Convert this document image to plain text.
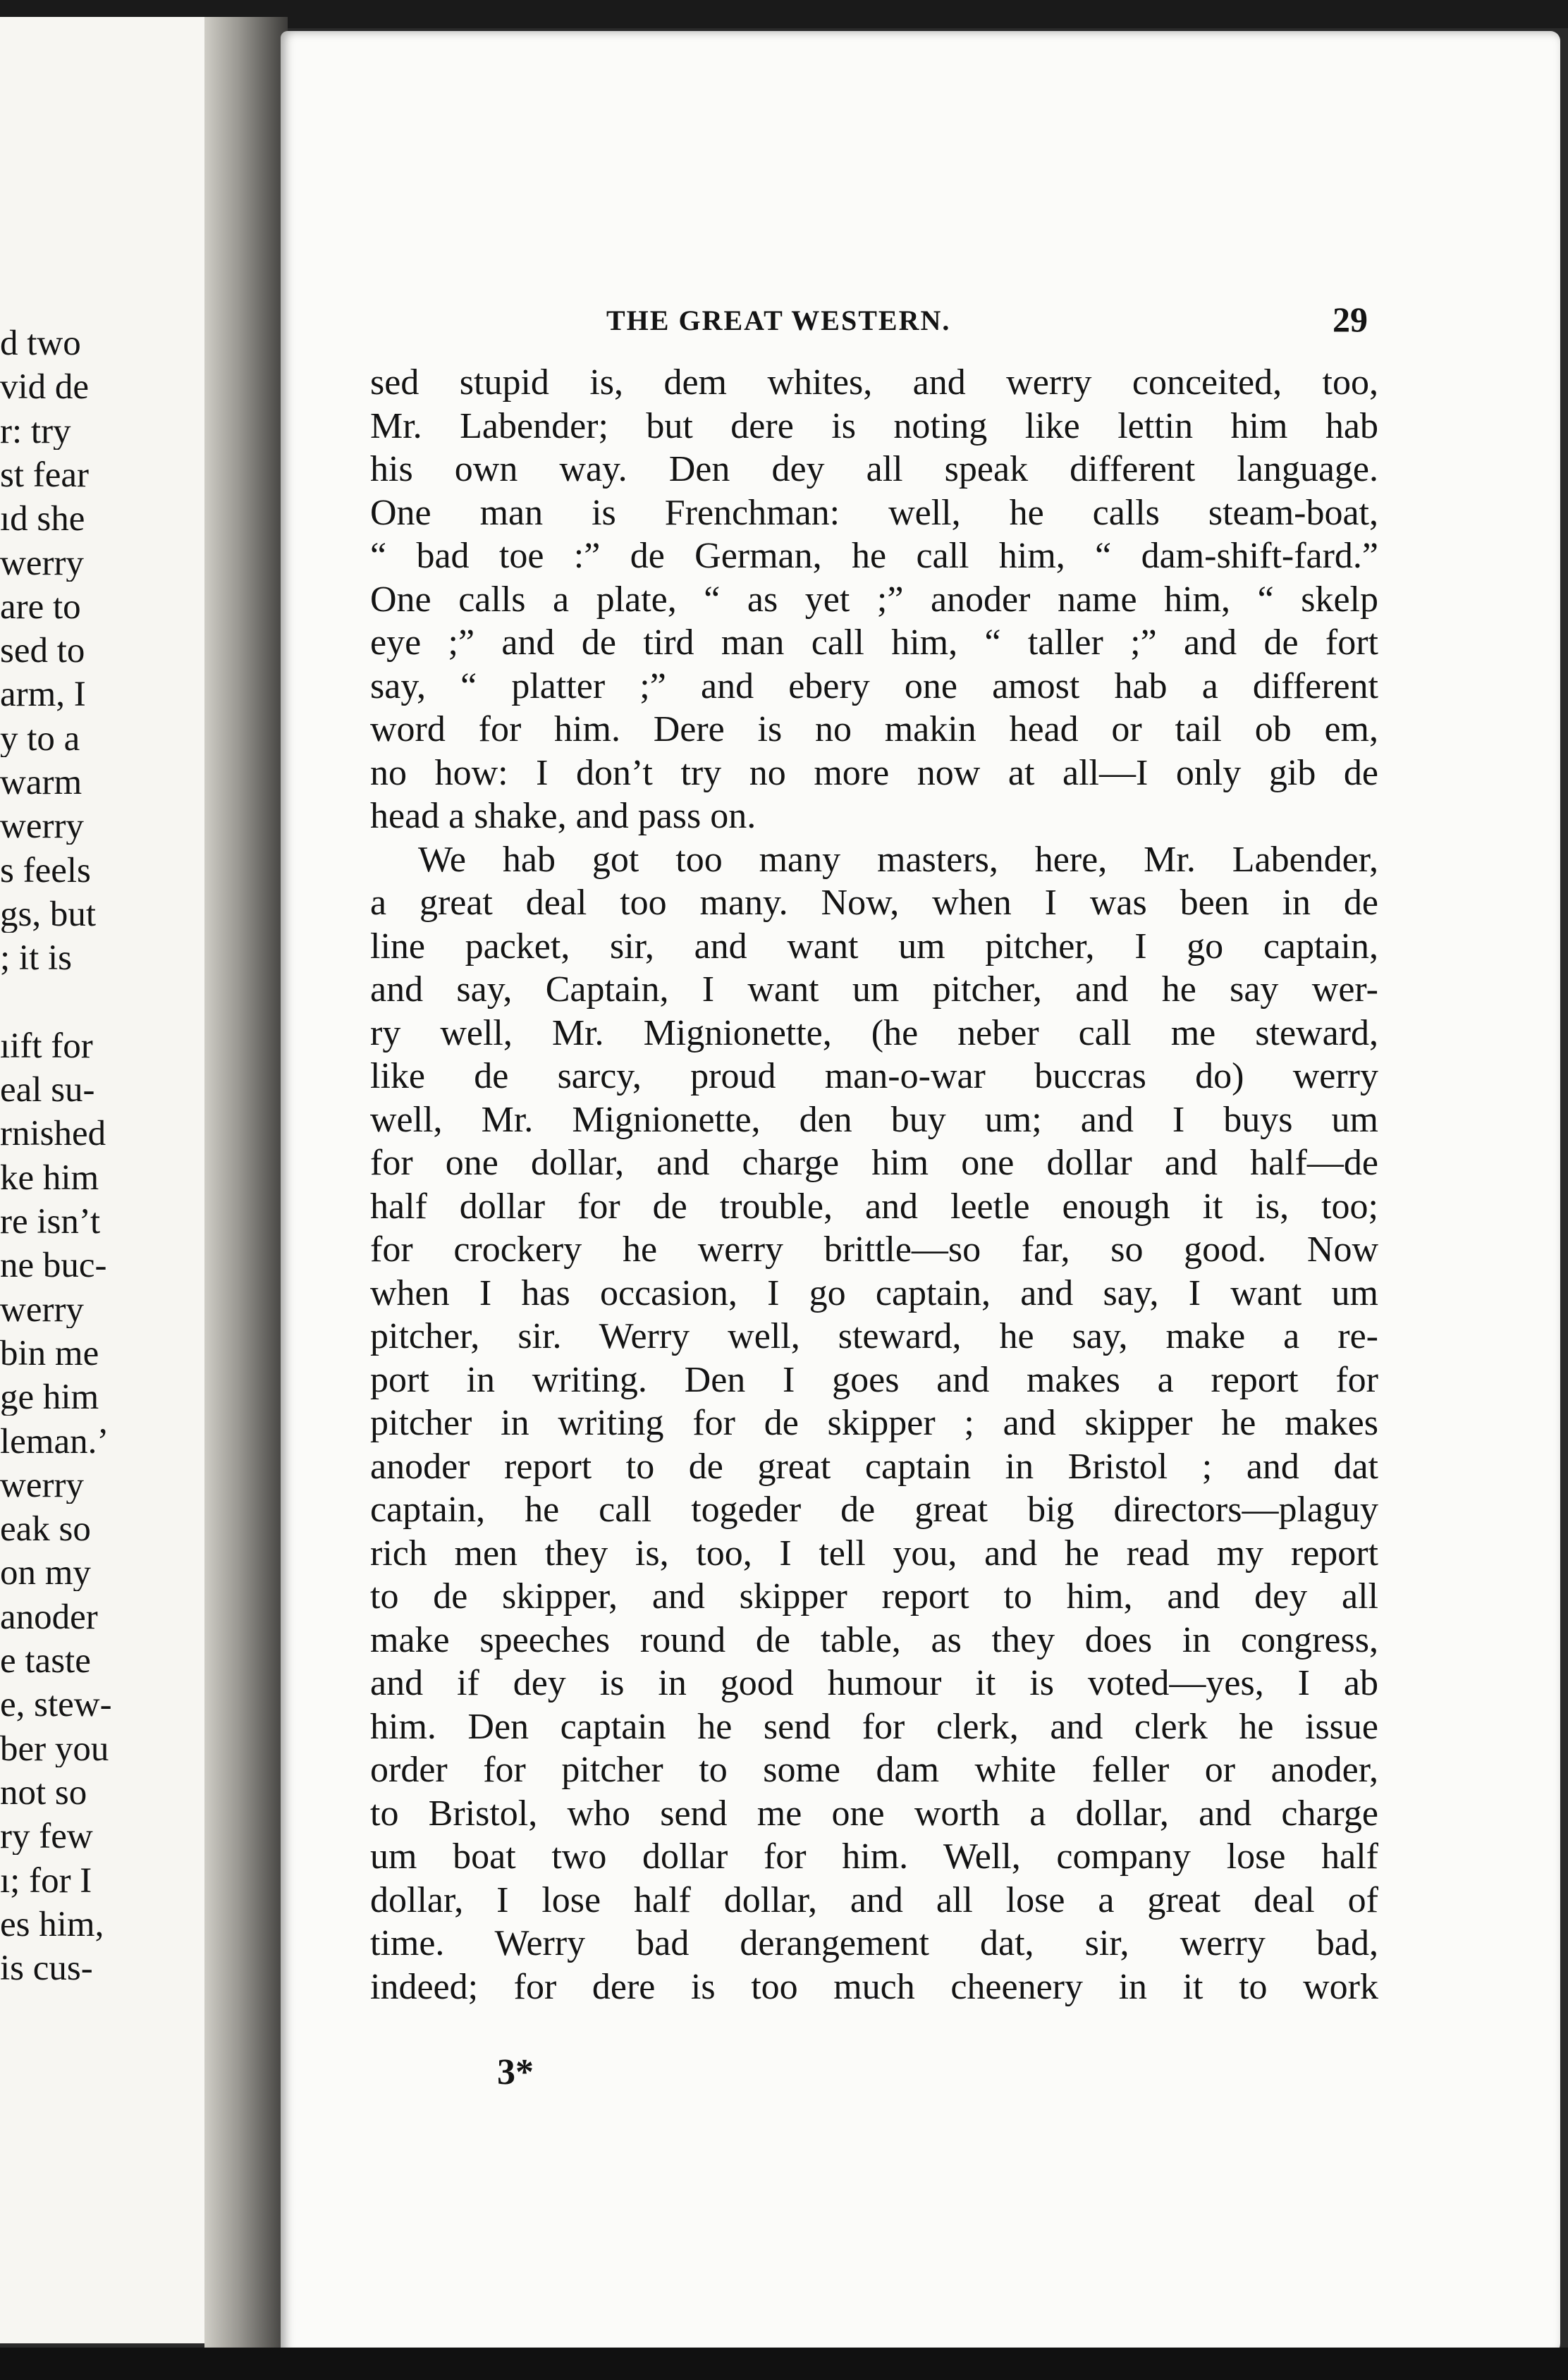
d two
vid de
r: try
st fear
ıd she
werry
are to
sed to
arm, I
y to a
warm
werry
s feels
gs, but
; it is
ıift for
eal su-
rnished
ke him
re isn’t
ne buc-
werry
bin me
ge him
leman.’
werry
eak so
on my
anoder
e taste
e, stew-
ber you
not so
ry few
ı; for I
es him,
is cus-
THE GREAT WESTERN.	29
sed stupid is, dem whites, and werry conceited, too,
Mr. Labender; but dere is noting like lettin him hab
his own way. Den dey all speak different language.
One man is Frenchman: well, he calls steam-boat,
“ bad toe :” de German, he call him, “ dam-shift-fard.”
One calls a plate, “ as yet ;” anoder name him, “ skelp
eye ;” and de tird man call him, “ taller ;” and de fort
say, “ platter ;” and ebery one amost hab a different
word for him. Dere is no makin head or tail ob em,
no how: I don’t try no more now at all—I only gib de
head a shake, and pass on.
We hab got too many masters, here, Mr. Labender,
a great deal too many. Now, when I was been in de
line packet, sir, and want um pitcher, I go captain,
and say, Captain, I want um pitcher, and he say wer-
ry well, Mr. Mignionette, (he neber call me steward,
like de sarcy, proud man-o-war buccras do) werry
well, Mr. Mignionette, den buy um; and I buys um
for one dollar, and charge him one dollar and half—de
half dollar for de trouble, and leetle enough it is, too;
for crockery he werry brittle—so far, so good. Now
when I has occasion, I go captain, and say, I want um
pitcher, sir. Werry well, steward, he say, make a re-
port in writing. Den I goes and makes a report for
pitcher in writing for de skipper ; and skipper he makes
anoder report to de great captain in Bristol ; and dat
captain, he call togeder de great big directors—plaguy
rich men they is, too, I tell you, and he read my report
to de skipper, and skipper report to him, and dey all
make speeches round de table, as they does in congress,
and if dey is in good humour it is voted—yes, I ab
him. Den captain he send for clerk, and clerk he issue
order for pitcher to some dam white feller or anoder,
to Bristol, who send me one worth a dollar, and charge
um boat two dollar for him. Well, company lose half
dollar, I lose half dollar, and all lose a great deal of
time. Werry bad derangement dat, sir, werry bad,
indeed; for dere is too much cheenery in it to work
3*
